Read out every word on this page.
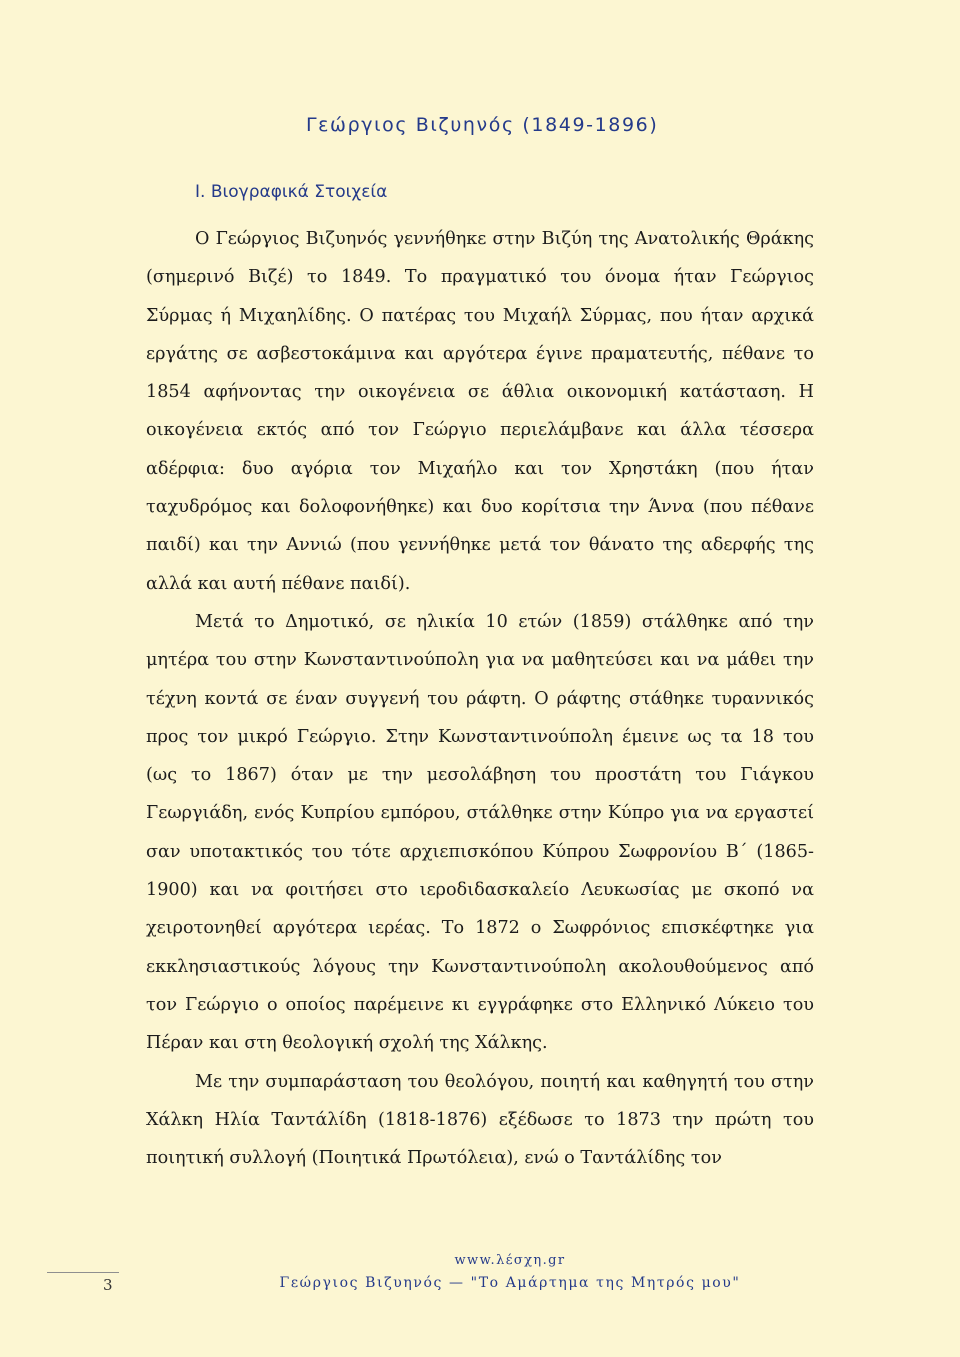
Γεώργιος Βιζυηνός (1849-1896)
Ι. Βιογραφικά Στοιχεία

Ο Γεώργιος Βιζυηνός γεννήθηκε στην Βιζύη της Ανατολικής Θράκης (σημερινό Βιζέ) το 1849. Το πραγματικό του όνομα ήταν Γεώργιος Σύρμας ή Μιχαηλίδης. Ο πατέρας του Μιχαήλ Σύρμας, που ήταν αρχικά εργάτης σε ασβεστοκάμινα και αργότερα έγινε πραματευτής, πέθανε το 1854 αφήνοντας την οικογένεια σε άθλια οικονομική κατάσταση. Η οικογένεια εκτός από τον Γεώργιο περιελάμβανε και άλλα τέσσερα αδέρφια: δυο αγόρια τον Μιχαήλο και τον Χρηστάκη (που ήταν ταχυδρόμος και δολοφονήθηκε) και δυο κορίτσια την Άννα (που πέθανε παιδί) και την Αννιώ (που γεννήθηκε μετά τον θάνατο της αδερφής της αλλά και αυτή πέθανε παιδί).

Μετά το Δημοτικό, σε ηλικία 10 ετών (1859) στάλθηκε από την μητέρα του στην Κωνσταντινούπολη για να μαθητεύσει και να μάθει την τέχνη κοντά σε έναν συγγενή του ράφτη. Ο ράφτης στάθηκε τυραννικός προς τον μικρό Γεώργιο. Στην Κωνσταντινούπολη έμεινε ως τα 18 του (ως το 1867) όταν με την μεσολάβηση του προστάτη του Γιάγκου Γεωργιάδη, ενός Κυπρίου εμπόρου, στάλθηκε στην Κύπρο για να εργαστεί σαν υποτακτικός του τότε αρχιεπισκόπου Κύπρου Σωφρονίου Β΄ (1865-1900) και να φοιτήσει στο ιεροδιδασκαλείο Λευκωσίας με σκοπό να χειροτονηθεί αργότερα ιερέας. Το 1872 ο Σωφρόνιος επισκέφτηκε για εκκλησιαστικούς λόγους την Κωνσταντινούπολη ακολουθούμενος από τον Γεώργιο ο οποίος παρέμεινε κι εγγράφηκε στο Ελληνικό Λύκειο του Πέραν και στη θεολογική σχολή της Χάλκης.

Με την συμπαράσταση του θεολόγου, ποιητή και καθηγητή του στην Χάλκη Ηλία Ταντάλίδη (1818-1876) εξέδωσε το 1873 την πρώτη του ποιητική συλλογή (Ποιητικά Πρωτόλεια), ενώ ο Ταντάλίδης τον

3
www.λέσχη.gr
Γεώργιος Βιζυηνός — "Το Αμάρτημα της Μητρός μου"
